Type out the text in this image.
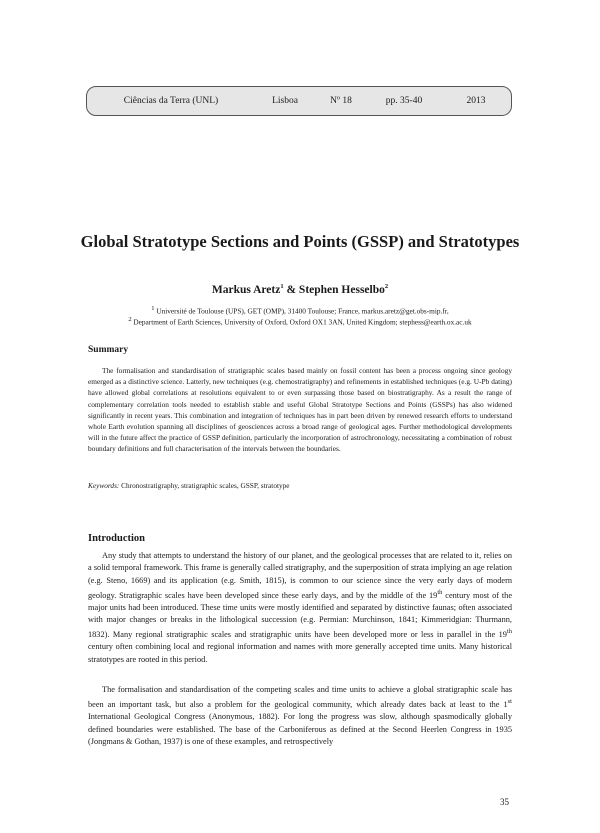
Ciências da Terra (UNL)	Lisboa	Nº 18	pp. 35-40	2013
Global Stratotype Sections and Points (GSSP) and Stratotypes
Markus Aretz$^1$ & Stephen Hesselbo$^2$
$^1$ Université de Toulouse (UPS), GET (OMP), 31400 Toulouse; France, markus.aretz@get.obs-mip.fr,
$^2$ Department of Earth Sciences, University of Oxford, Oxford OX1 3AN, United Kingdom; stephess@earth.ox.ac.uk
Summary

The formalisation and standardisation of stratigraphic scales based mainly on fossil content has been a process ongoing since geology emerged as a distinctive science. Latterly, new techniques (e.g. chemostratigraphy) and refinements in established techniques (e.g. U-Pb dating) have allowed global correlations at resolutions equivalent to or even surpassing those based on biostratigraphy. As a result the range of complementary correlation tools needed to establish stable and useful Global Stratotype Sections and Points (GSSPs) has also widened significantly in recent years. This combination and integration of techniques has in part been driven by renewed research efforts to understand whole Earth evolution spanning all disciplines of geosciences across a broad range of geological ages. Further methodological developments will in the future affect the practice of GSSP definition, particularly the incorporation of astrochronology, necessitating a combination of robust boundary definitions and full characterisation of the intervals between the boundaries.

Keywords: Chronostratigraphy, stratigraphic scales, GSSP, stratotype

Introduction

Any study that attempts to understand the history of our planet, and the geological processes that are related to it, relies on a solid temporal framework. This frame is generally called stratigraphy, and the superposition of strata implying an age relation (e.g. Steno, 1669) and its application (e.g. Smith, 1815), is common to our science since the very early days of modern geology. Stratigraphic scales have been developed since these early days, and by the middle of the 19th century most of the major units had been introduced. These time units were mostly identified and separated by distinctive faunas; often associated with major changes or breaks in the lithological succession (e.g. Permian: Murchinson, 1841; Kimmeridgian: Thurmann, 1832). Many regional stratigraphic scales and stratigraphic units have been developed more or less in parallel in the 19th century often combining local and regional information and names with more generally accepted time units. Many historical stratotypes are rooted in this period.

The formalisation and standardisation of the competing scales and time units to achieve a global stratigraphic scale has been an important task, but also a problem for the geological community, which already dates back at least to the 1st International Geological Congress (Anonymous, 1882). For long the progress was slow, although spasmodically globally defined boundaries were established. The base of the Carboniferous as defined at the Second Heerlen Congress in 1935 (Jongmans & Gothan, 1937) is one of these examples, and retrospectively

35
